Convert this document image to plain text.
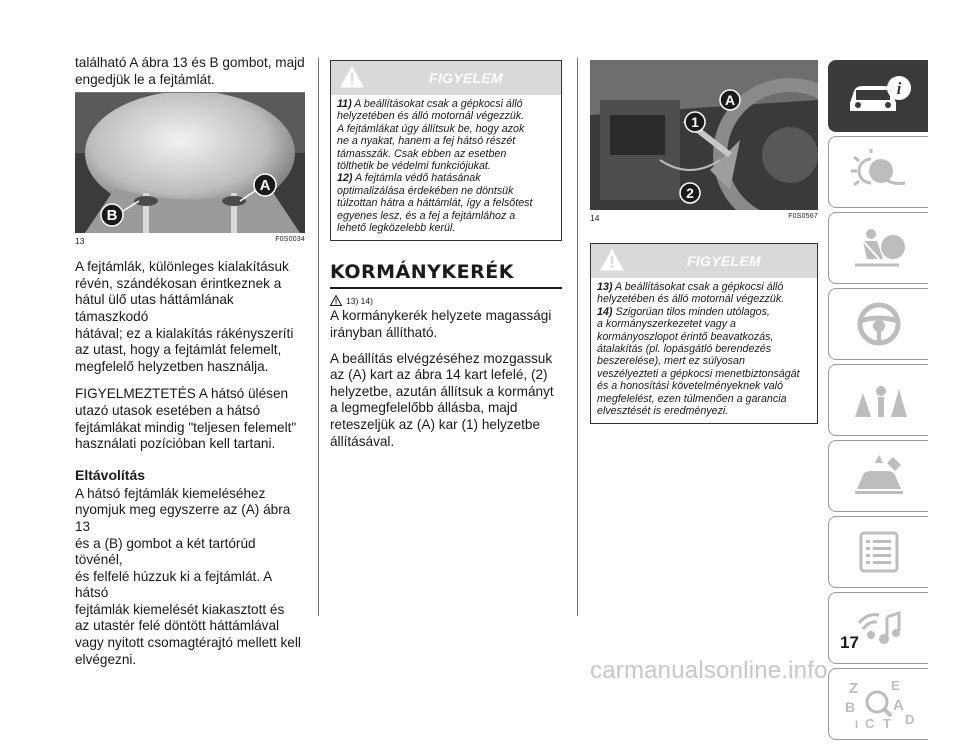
található A ábra 13 és B gombot, majd
engedjük le a fejtámlát.

A
B
13	F0S0034

A fejtámlák, különleges kialakításuk
révén, szándékosan érintkeznek a
hátul ülő utas háttámlának támaszkodó
hátával; ez a kialakítás rákényszeríti
az utast, hogy a fejtámlát felemelt,
megfelelő helyzetben használja.

FIGYELMEZTETÉS A hátsó ülésen
utazó utasok esetében a hátsó
fejtámlákat mindig "teljesen felemelt"
használati pozícióban kell tartani.

Eltávolítás

A hátsó fejtámlák kiemeléséhez
nyomjuk meg egyszerre az (A) ábra 13
és a (B) gombot a két tartórúd tövénél,
és felfelé húzzuk ki a fejtámlát. A hátsó
fejtámlák kiemelését kiakasztott és
az utastér felé döntött háttámlával
vagy nyitott csomagtérajtó mellett kell
elvégezni.

FIGYELEM
11) A beállításokat csak a gépkocsi álló
helyzetében és álló motornál végezzük.
A fejtámlákat úgy állítsuk be, hogy azok
ne a nyakat, hanem a fej hátsó részét
támasszák. Csak ebben az esetben
tölthetik be védelmi funkciójukat.
12) A fejtámla védő hatásának
optimalizálása érdekében ne döntsük
túlzottan hátra a háttámlát, így a felsőtest
egyenes lesz, és a fej a fejtámlához a
lehető legközelebb kerül.
KORMÁNYKERÉK
13) 14)

A kormánykerék helyzete magassági
irányban állítható.

A beállítás elvégzéséhez mozgassuk
az (A) kart az ábra 14 kart lefelé, (2)
helyzetbe, azután állítsuk a kormányt
a legmegfelelőbb állásba, majd
reteszeljük az (A) kar (1) helyzetbe
állításával.

A
1
2
14	F0S0567
FIGYELEM
13) A beállításokat csak a gépkocsi álló
helyzetében és álló motornál végezzük.
14) Szigorúan tilos minden utólagos,
a kormányszerkezetet vagy a
kormányoszlopot érintő beavatkozás,
átalakítás (pl. lopásgátló berendezés
beszerelése), mert ez súlyosan
veszélyezteti a gépkocsi menetbiztonságát
és a honosítási követelményeknek való
megfelelést, ezen túlmenően a garancia
elvesztését is eredményezi.
i
Z	E
B	A
C T D
I
17
carmanualsonline.info
